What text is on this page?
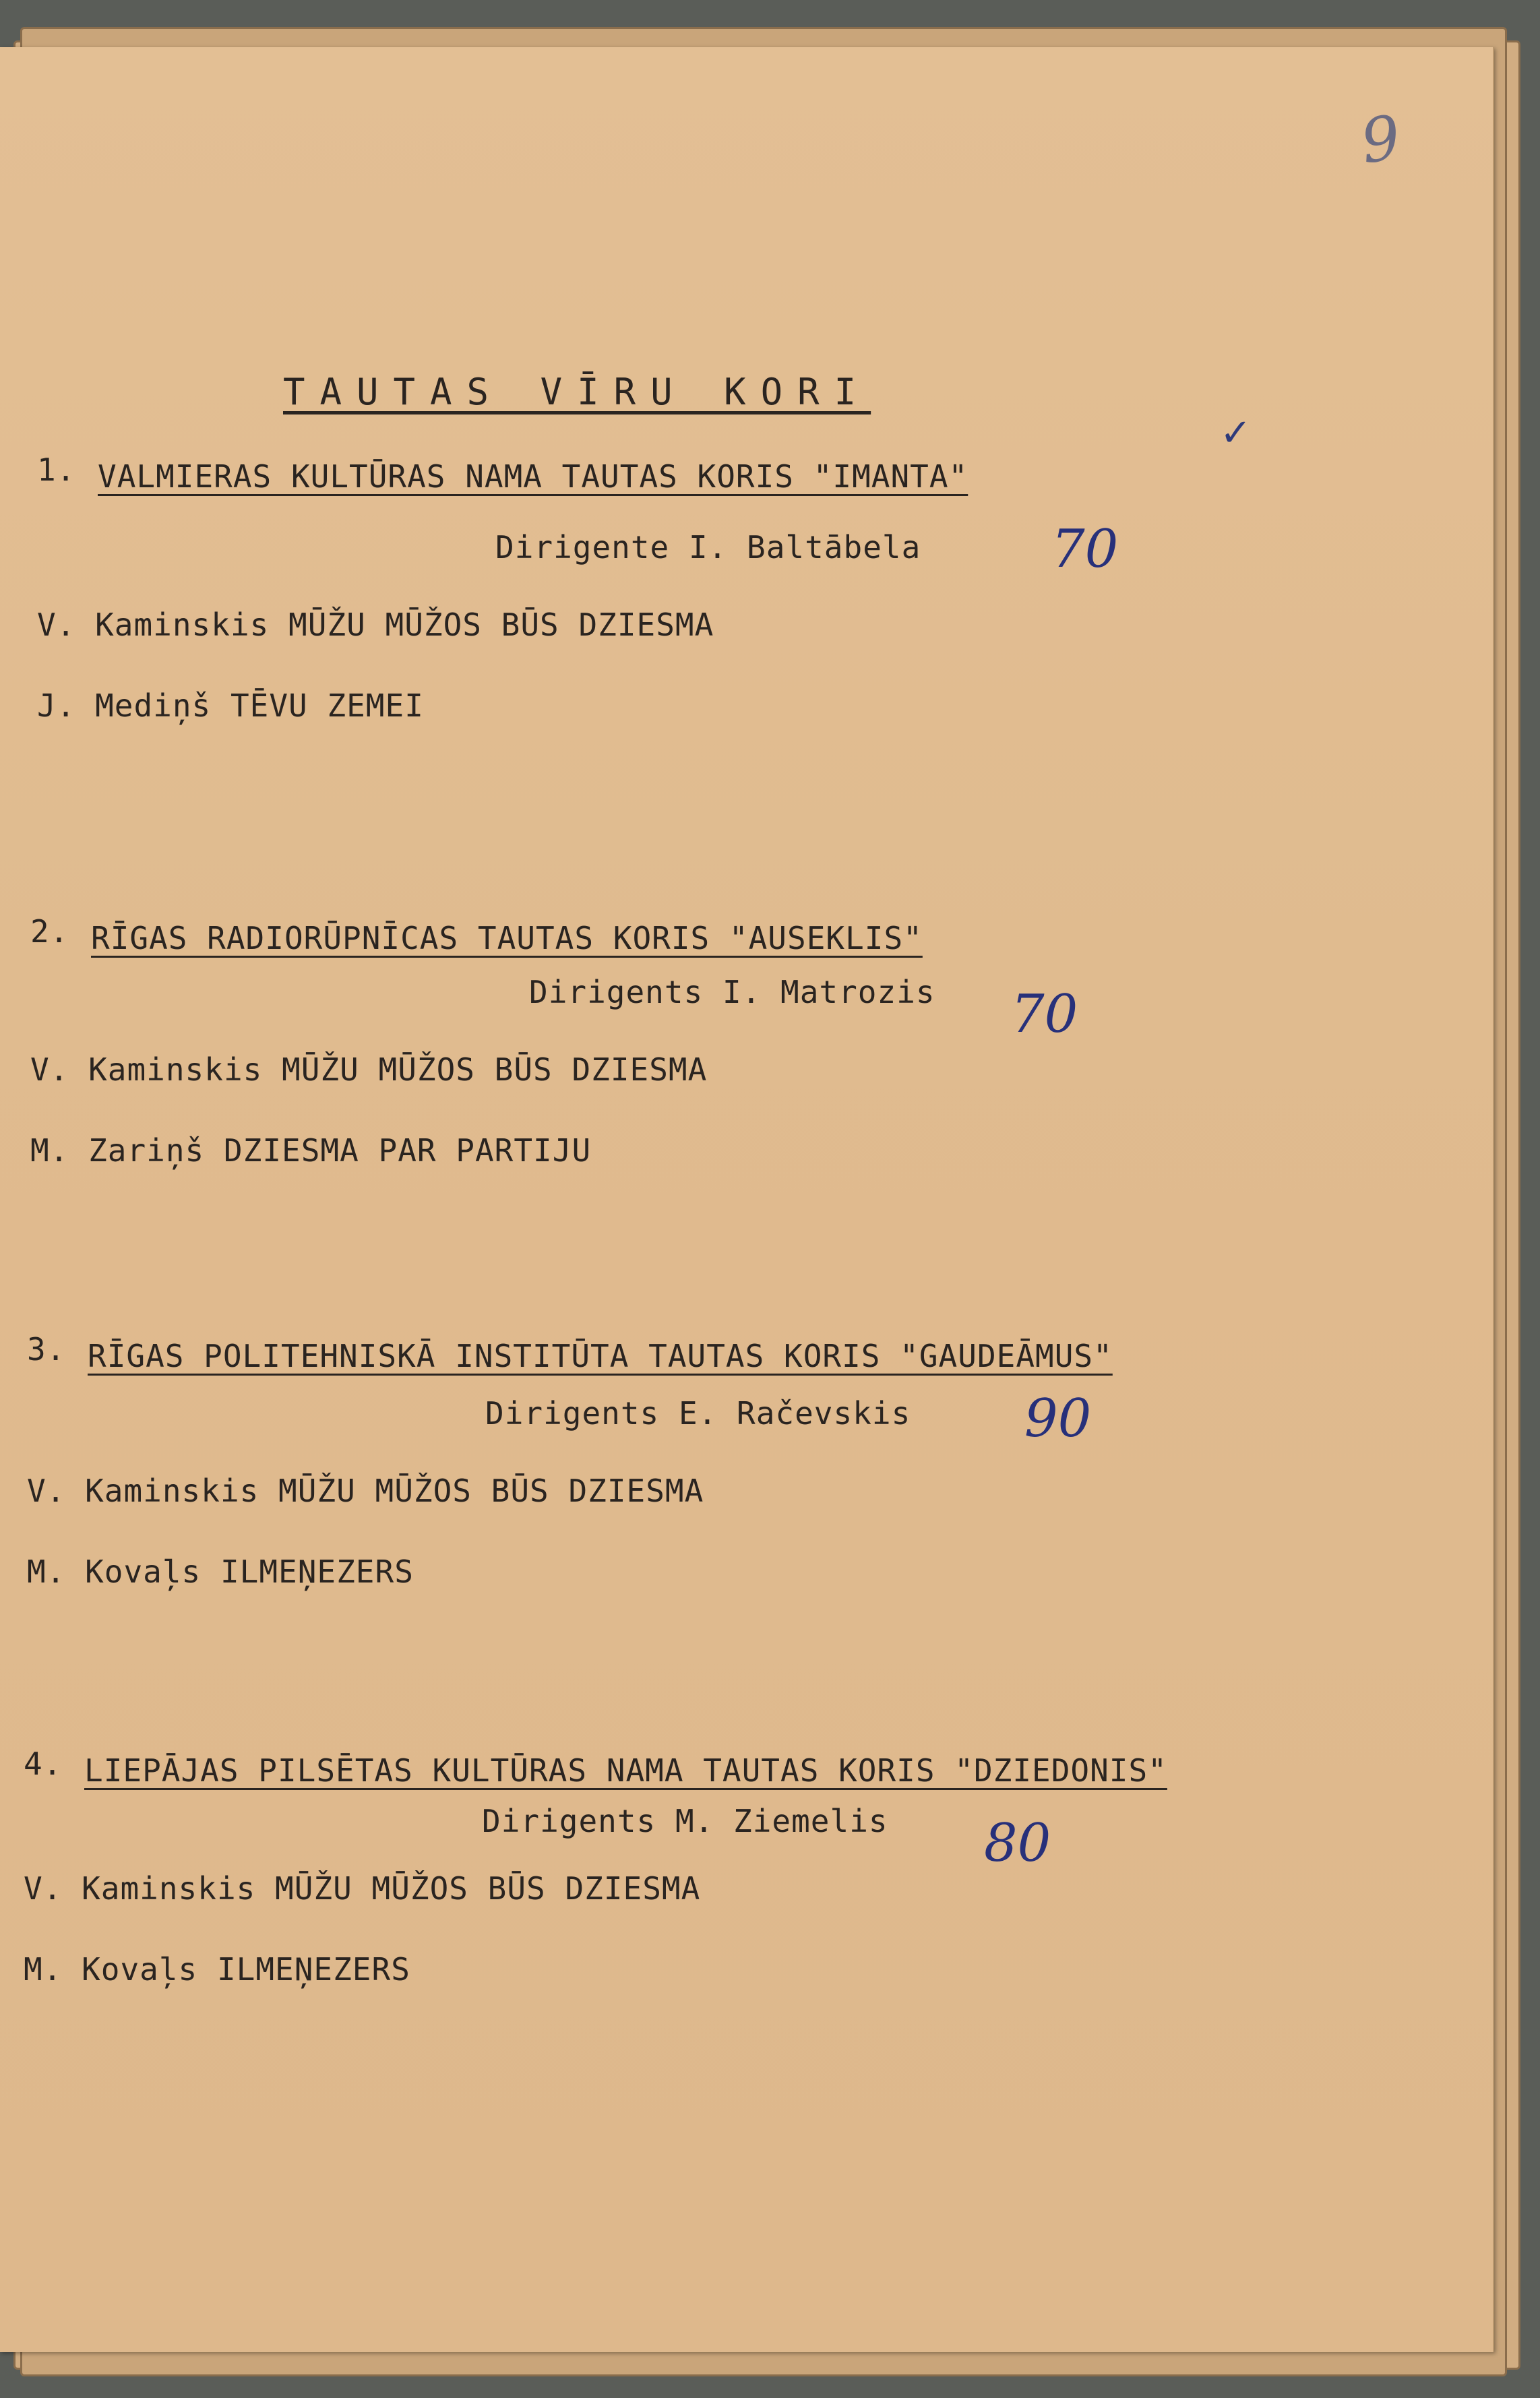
9
TAUTAS VĪRU KORI
✓
1. VALMIERAS KULTŪRAS NAMA TAUTAS KORIS "IMANTA"
Dirigente I. Baltābela 70
V. Kaminskis MŪŽU MŪŽOS BŪS DZIESMA
J. Mediņš TĒVU ZEMEI
2. RĪGAS RADIORŪPNĪCAS TAUTAS KORIS "AUSEKLIS"
Dirigents I. Matrozis 70
V. Kaminskis MŪŽU MŪŽOS BŪS DZIESMA
M. Zariņš DZIESMA PAR PARTIJU
3. RĪGAS POLITEHNISKĀ INSTITŪTA TAUTAS KORIS "GAUDEĀMUS"
Dirigents E. Račevskis 90
V. Kaminskis MŪŽU MŪŽOS BŪS DZIESMA
M. Kovaļs ILMEŅEZERS
4. LIEPĀJAS PILSĒTAS KULTŪRAS NAMA TAUTAS KORIS "DZIEDONIS"
Dirigents M. Ziemelis 80
V. Kaminskis MŪŽU MŪŽOS BŪS DZIESMA
M. Kovaļs ILMEŅEZERS
